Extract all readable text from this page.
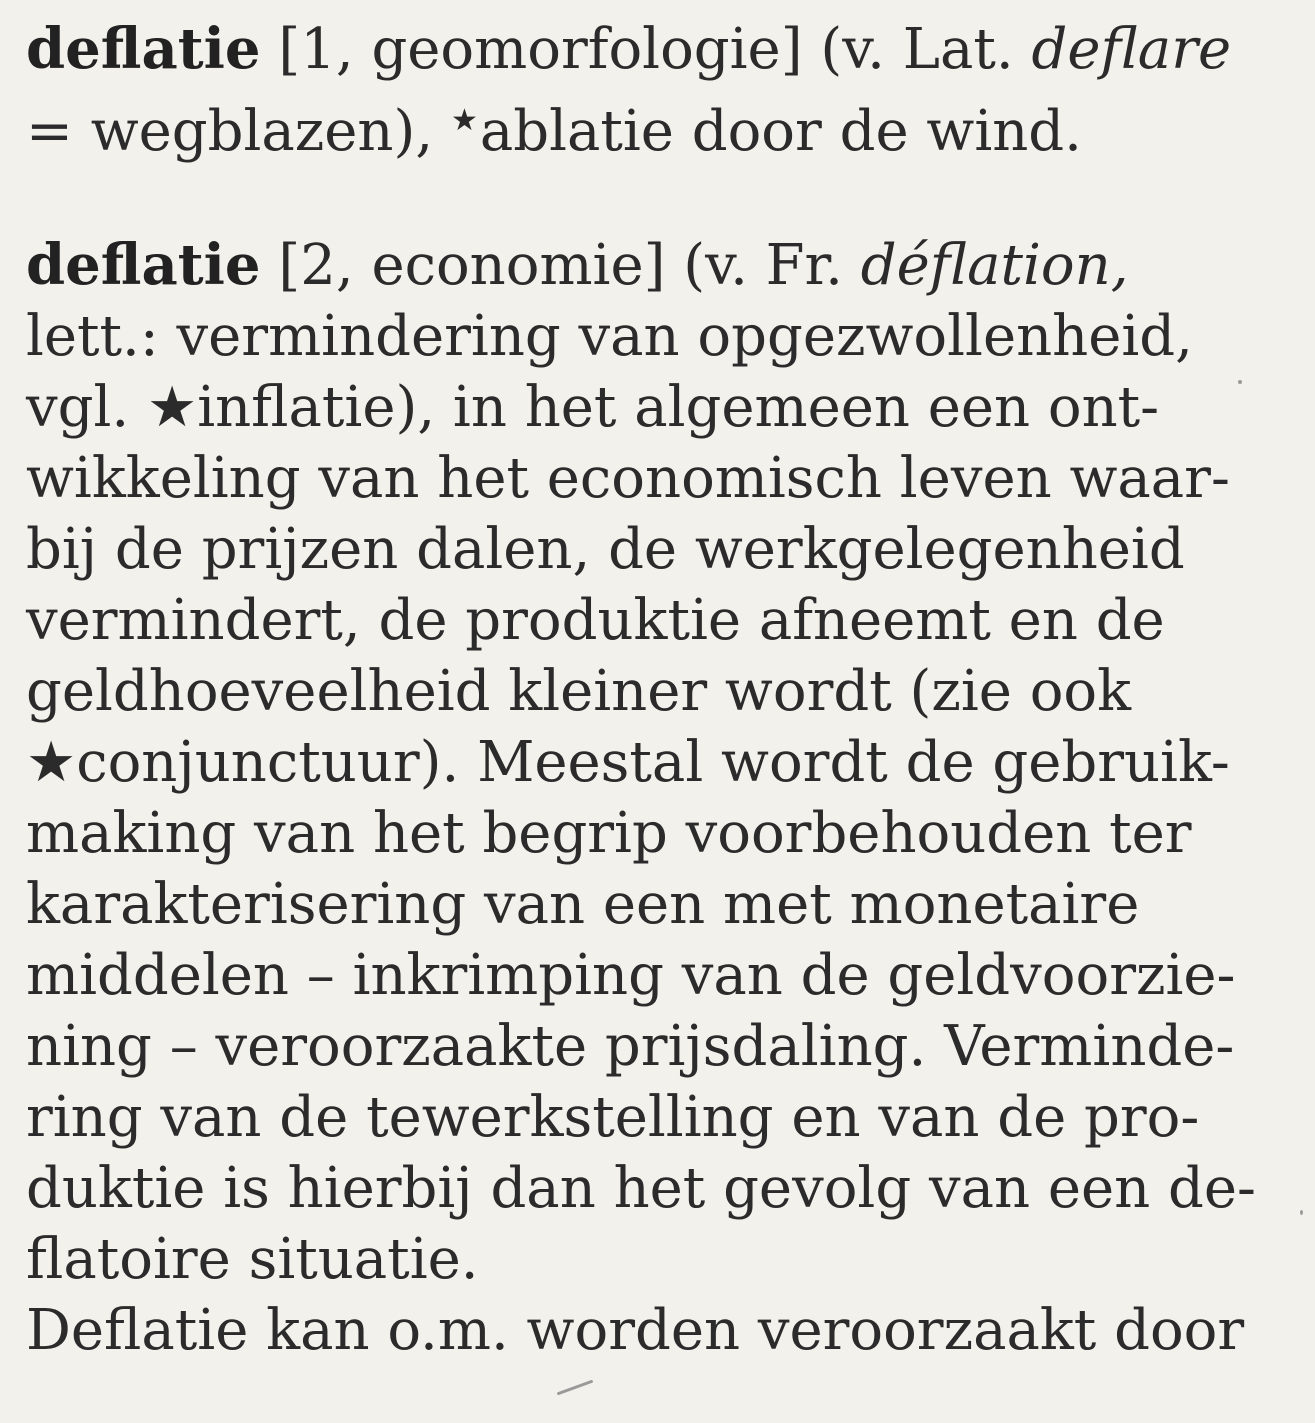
deflatie [1, geomorfologie] (v. Lat. deflare
= wegblazen), ★ablatie door de wind.
deflatie [2, economie] (v. Fr. déflation,
lett.: vermindering van opgezwollenheid,
vgl. ★inflatie), in het algemeen een ont-
wikkeling van het economisch leven waar-
bij de prijzen dalen, de werkgelegenheid
vermindert, de produktie afneemt en de
geldhoeveelheid kleiner wordt (zie ook
★conjunctuur). Meestal wordt de gebruik-
making van het begrip voorbehouden ter
karakterisering van een met monetaire
middelen – inkrimping van de geldvoorzie-
ning – veroorzaakte prijsdaling. Verminde-
ring van de tewerkstelling en van de pro-
duktie is hierbij dan het gevolg van een de-
flatoire situatie.
Deflatie kan o.m. worden veroorzaakt door
